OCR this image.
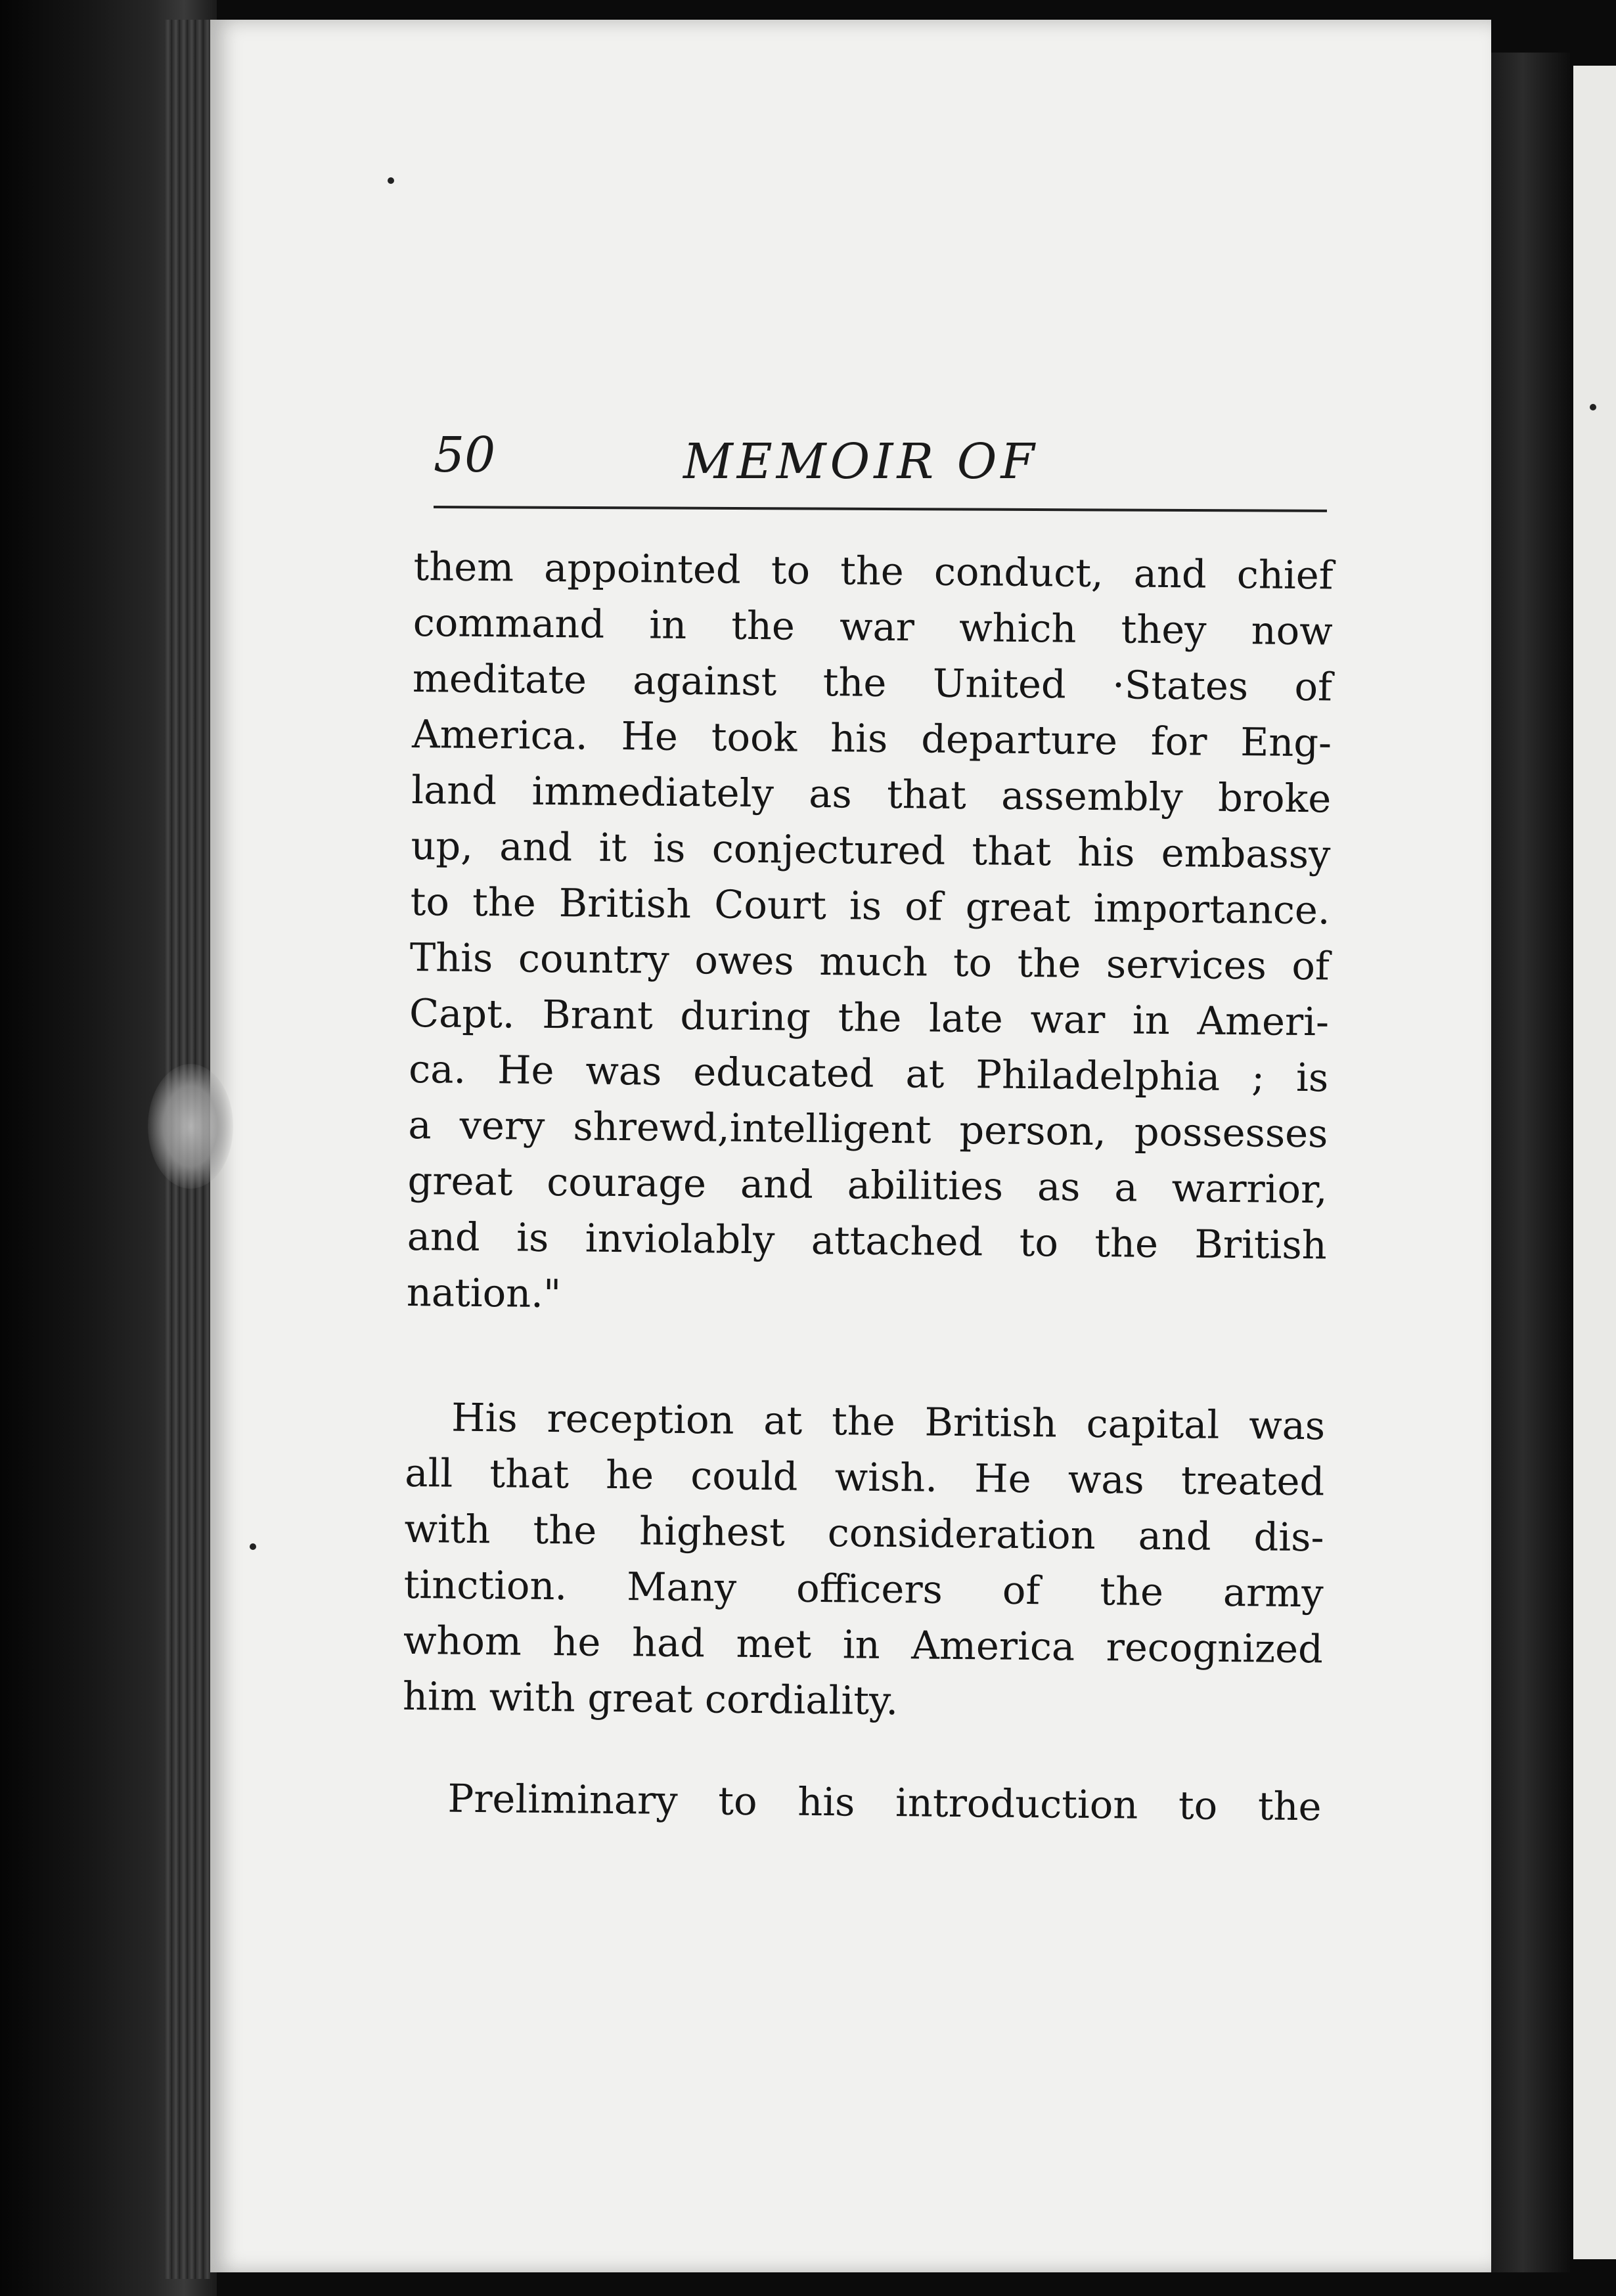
50	MEMOIR OF
them appointed to the conduct, and chief
command in the war which they now
meditate against the United ·States of
America. He took his departure for Eng-
land immediately as that assembly broke
up, and it is conjectured that his embassy
to the British Court is of great importance.
This country owes much to the services of
Capt. Brant during the late war in Ameri-
ca. He was educated at Philadelphia ; is
a very shrewd,intelligent person, possesses
great courage and abilities as a warrior,
and is inviolably attached to the British
nation."
His reception at the British capital was
all that he could wish. He was treated
with the highest consideration and dis-
tinction. Many officers of the army
whom he had met in America recognized
him with great cordiality.
Preliminary to his introduction to the
